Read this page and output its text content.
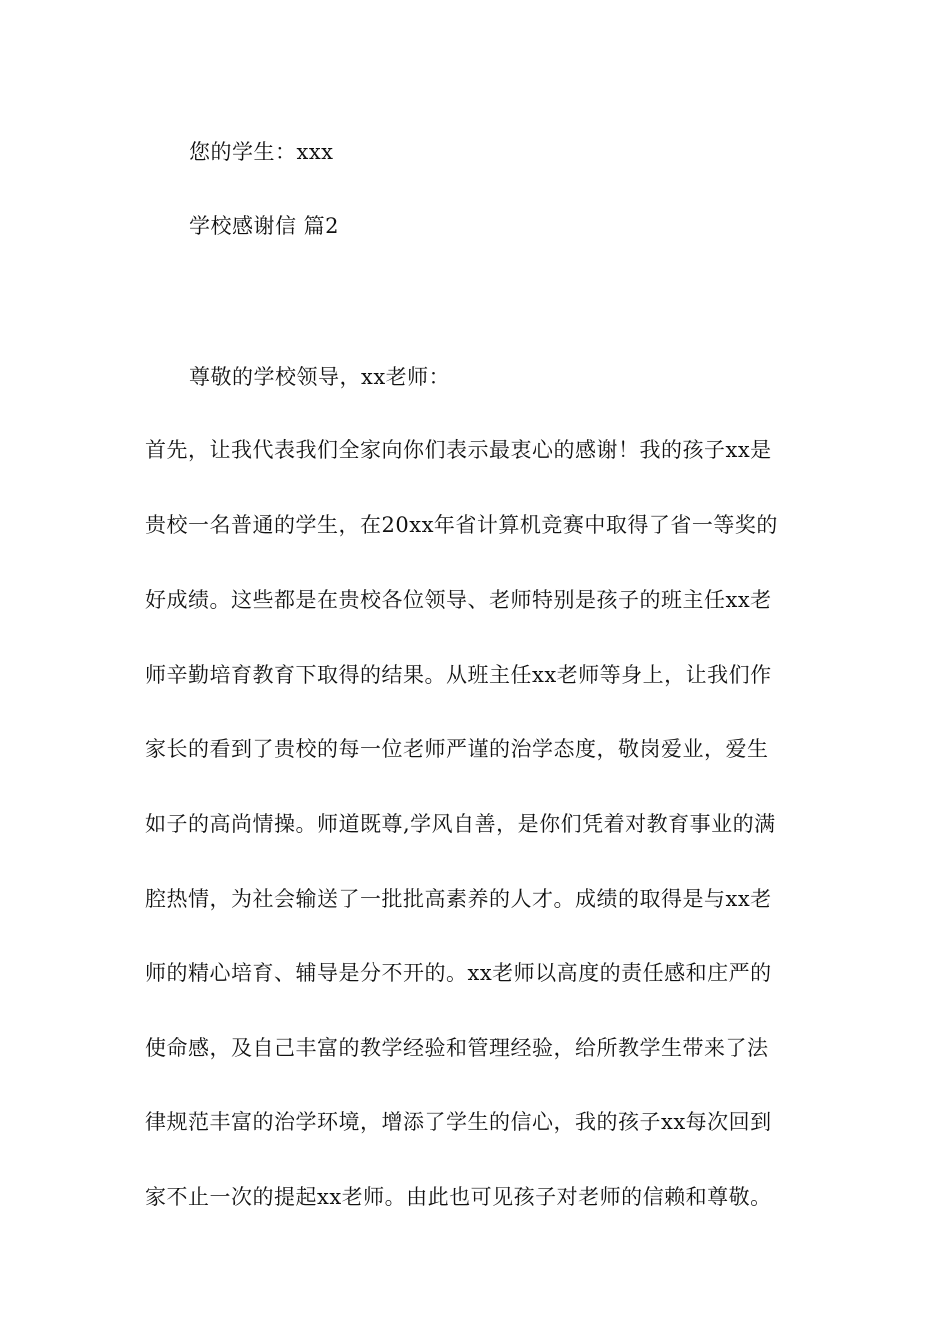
您的学生：xxx
学校感谢信 篇2
尊敬的学校领导，xx老师：
首先，让我代表我们全家向你们表示最衷心的感谢！我的孩子xx是
贵校一名普通的学生，在20xx年省计算机竞赛中取得了省一等奖的
好成绩。这些都是在贵校各位领导、老师特别是孩子的班主任xx老
师辛勤培育教育下取得的结果。从班主任xx老师等身上，让我们作
家长的看到了贵校的每一位老师严谨的治学态度，敬岗爱业，爱生
如子的高尚情操。师道既尊,学风自善，是你们凭着对教育事业的满
腔热情，为社会输送了一批批高素养的人才。成绩的取得是与xx老
师的精心培育、辅导是分不开的。xx老师以高度的责任感和庄严的
使命感，及自己丰富的教学经验和管理经验，给所教学生带来了法
律规范丰富的治学环境，增添了学生的信心，我的孩子xx每次回到
家不止一次的提起xx老师。由此也可见孩子对老师的信赖和尊敬。
